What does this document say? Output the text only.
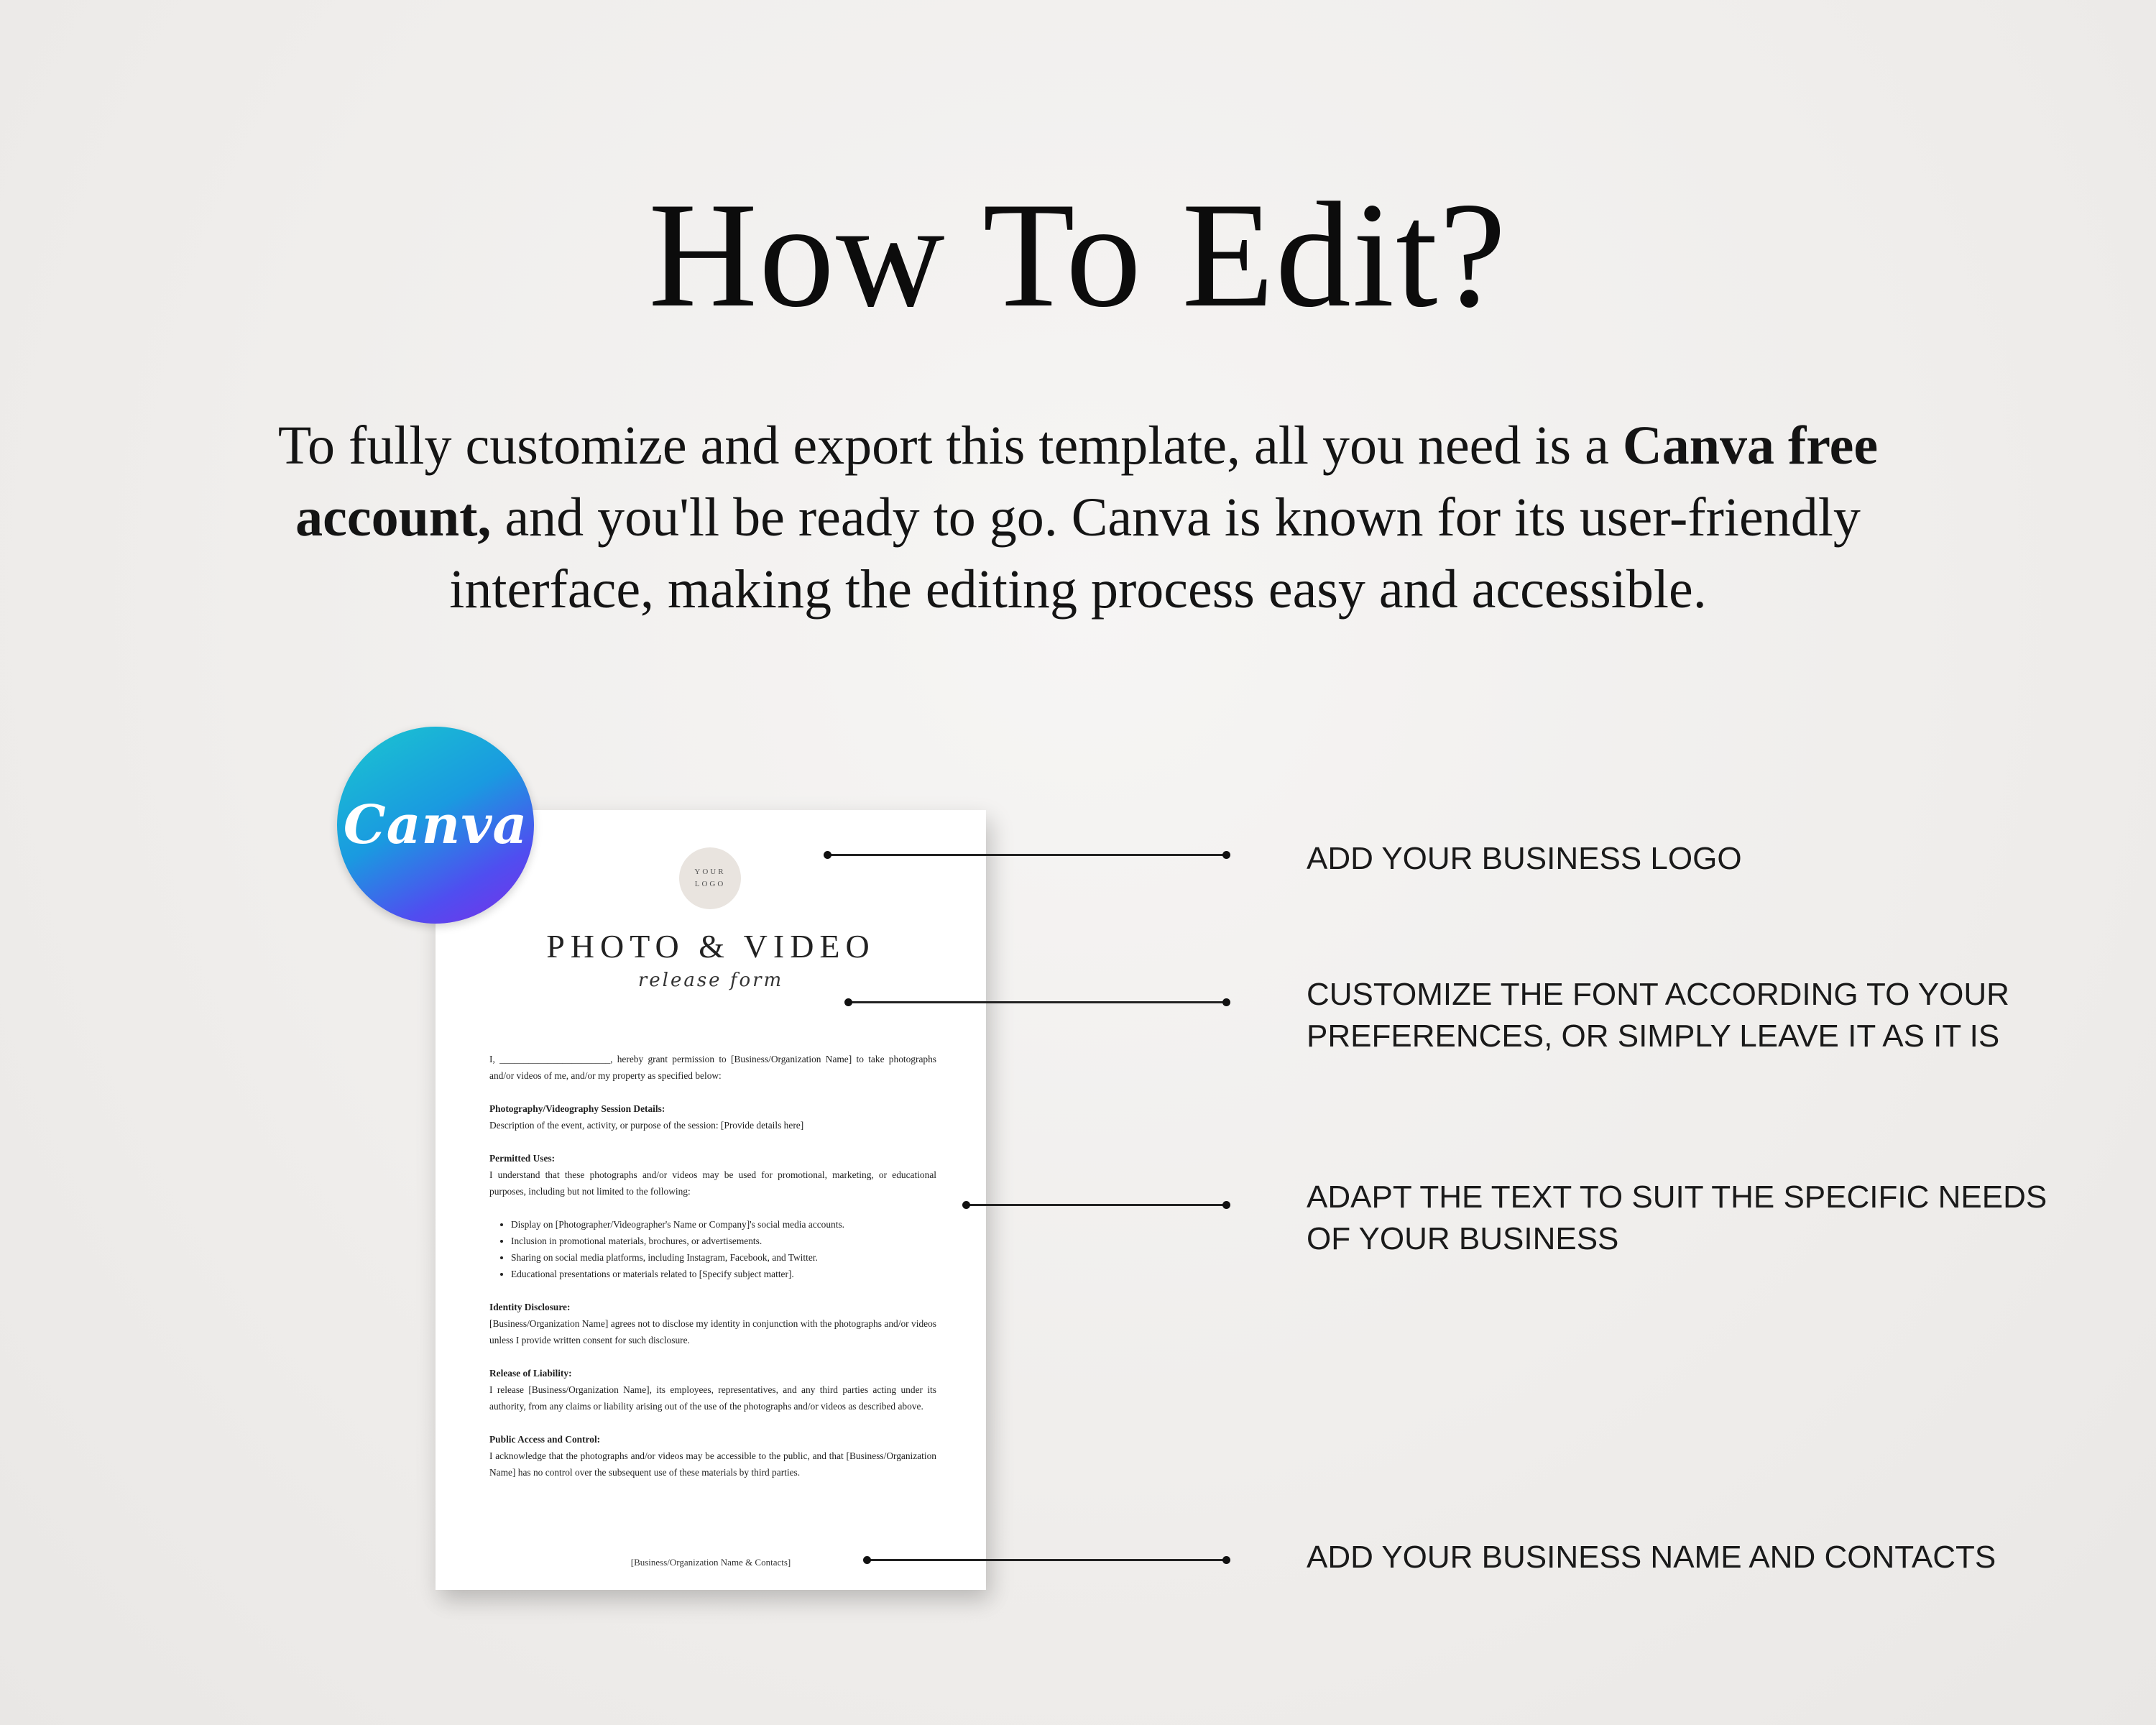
How To Edit?
To fully customize and export this template, all you need is a Canva free account, and you'll be ready to go. Canva is known for its user-friendly interface, making the editing process easy and accessible.
YOUR
LOGO
PHOTO & VIDEO
release form

I, _______________________, hereby grant permission to [Business/Organization Name] to take photographs and/or videos of me, and/or my property as specified below:

Photography/Videography Session Details:
Description of the event, activity, or purpose of the session: [Provide details here]

Permitted Uses:
I understand that these photographs and/or videos may be used for promotional, marketing, or educational purposes, including but not limited to the following:

• Display on [Photographer/Videographer's Name or Company]'s social media accounts.
• Inclusion in promotional materials, brochures, or advertisements.
• Sharing on social media platforms, including Instagram, Facebook, and Twitter.
• Educational presentations or materials related to [Specify subject matter].

Identity Disclosure:
[Business/Organization Name] agrees not to disclose my identity in conjunction with the photographs and/or videos unless I provide written consent for such disclosure.

Release of Liability:
I release [Business/Organization Name], its employees, representatives, and any third parties acting under its authority, from any claims or liability arising out of the use of the photographs and/or videos as described above.

Public Access and Control:
I acknowledge that the photographs and/or videos may be accessible to the public, and that [Business/Organization Name] has no control over the subsequent use of these materials by third parties.

[Business/Organization Name & Contacts]
Canva
ADD YOUR BUSINESS LOGO
CUSTOMIZE THE FONT ACCORDING TO YOUR PREFERENCES, OR SIMPLY LEAVE IT AS IT IS
ADAPT THE TEXT TO SUIT THE SPECIFIC NEEDS OF YOUR BUSINESS
ADD YOUR BUSINESS NAME AND CONTACTS
